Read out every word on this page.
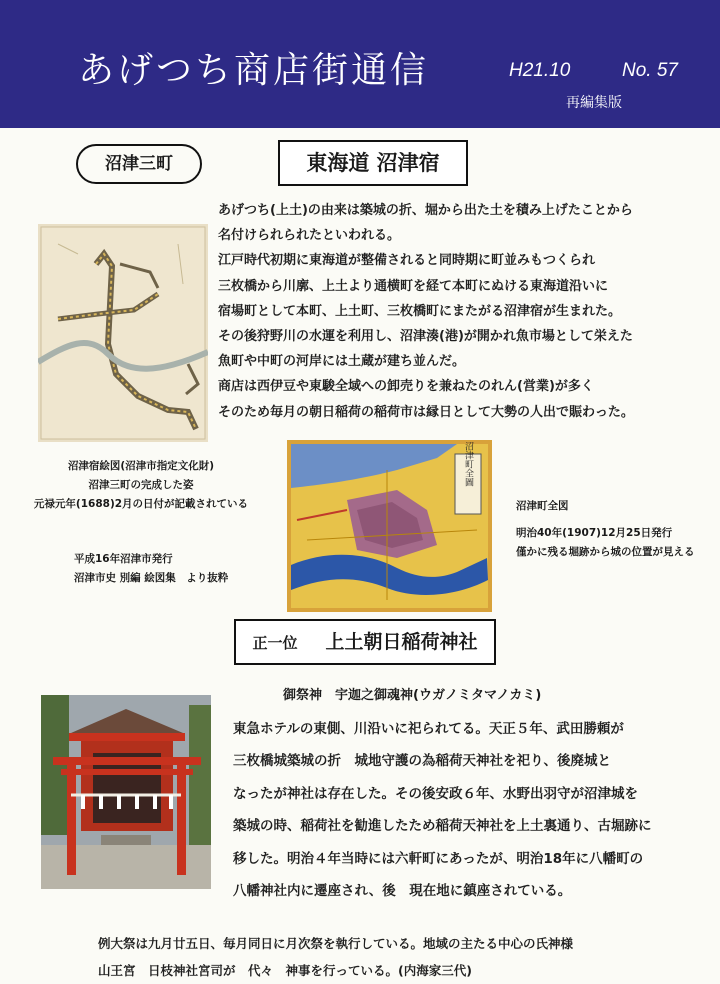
あげつち商店街通信	H21.10	No. 57
再編集版
沼津三町	東海道 沼津宿
あげつち(上土)の由来は築城の折、堀から出た土を積み上げたことから
名付けられられたといわれる。
江戸時代初期に東海道が整備されると同時期に町並みもつくられ
三枚橋から川廓、上土より通横町を経て本町にぬける東海道沿いに
宿場町として本町、上土町、三枚橋町にまたがる沼津宿が生まれた。
その後狩野川の水運を利用し、沼津湊(港)が開かれ魚市場として栄えた
魚町や中町の河岸には土蔵が建ち並んだ。
商店は西伊豆や東駿全域への卸売りを兼ねたのれん(営業)が多く
そのため毎月の朝日稲荷の稲荷市は縁日として大勢の人出で賑わった。
沼津宿絵図(沼津市指定文化財)
沼津三町の完成した姿
元禄元年(1688)2月の日付が記載されている
平成16年沼津市発行
沼津市史 別編 絵図集　より抜粋
沼津町全圖
沼津町全図
明治40年(1907)12月25日発行
僅かに残る堀跡から城の位置が見える
正一位 上土朝日稲荷神社
御祭神　宇迦之御魂神(ウガノミタマノカミ)
東急ホテルの東側、川沿いに祀られてる。天正５年、武田勝頼が
三枚橋城築城の折　城地守護の為稲荷天神社を祀り、後廃城と
なったが神社は存在した。その後安政６年、水野出羽守が沼津城を
築城の時、稲荷社を勧進したため稲荷天神社を上土裏通り、古堀跡に
移した。明治４年当時には六軒町にあったが、明治18年に八幡町の
八幡神社内に遷座され、後　現在地に鎮座されている。
例大祭は九月廿五日、毎月同日に月次祭を執行している。地域の主たる中心の氏神様
山王宮　日枝神社宮司が　代々　神事を行っている。(内海家三代)
